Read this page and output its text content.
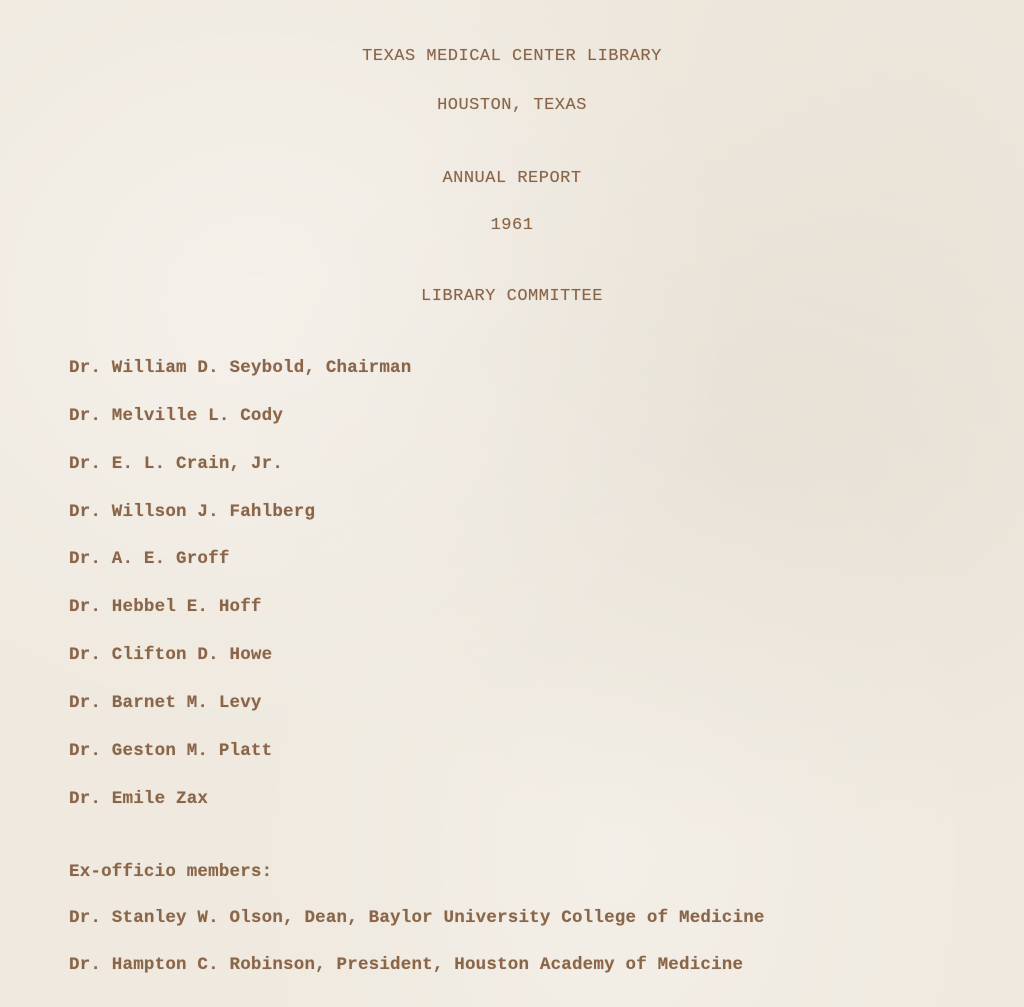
TEXAS MEDICAL CENTER LIBRARY
HOUSTON, TEXAS
ANNUAL REPORT
1961
LIBRARY COMMITTEE
Dr. William D. Seybold, Chairman
Dr. Melville L. Cody
Dr. E. L. Crain, Jr.
Dr. Willson J. Fahlberg
Dr. A. E. Groff
Dr. Hebbel E. Hoff
Dr. Clifton D. Howe
Dr. Barnet M. Levy
Dr. Geston M. Platt
Dr. Emile Zax
Ex-officio members:
Dr. Stanley W. Olson, Dean, Baylor University College of Medicine
Dr. Hampton C. Robinson, President, Houston Academy of Medicine
